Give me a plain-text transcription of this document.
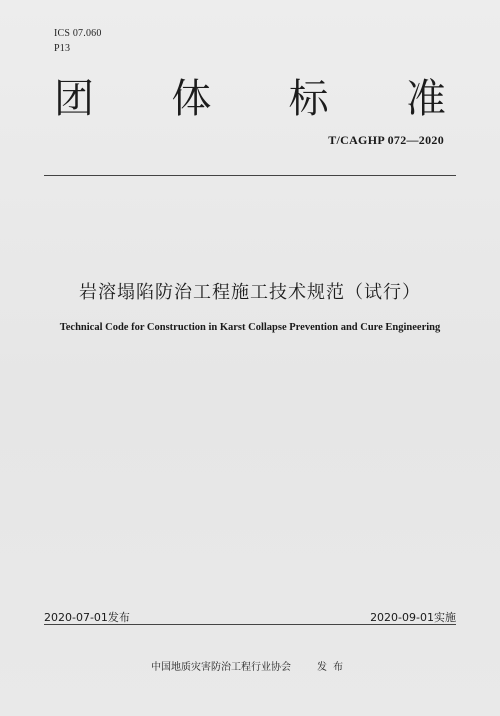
ICS 07.060
P13
团 体 标 准
T/CAGHP 072—2020
岩溶塌陷防治工程施工技术规范（试行）
Technical Code for Construction in Karst Collapse Prevention and Cure Engineering
2020-07-01发布	2020-09-01实施
中国地质灾害防治工程行业协会	发布
